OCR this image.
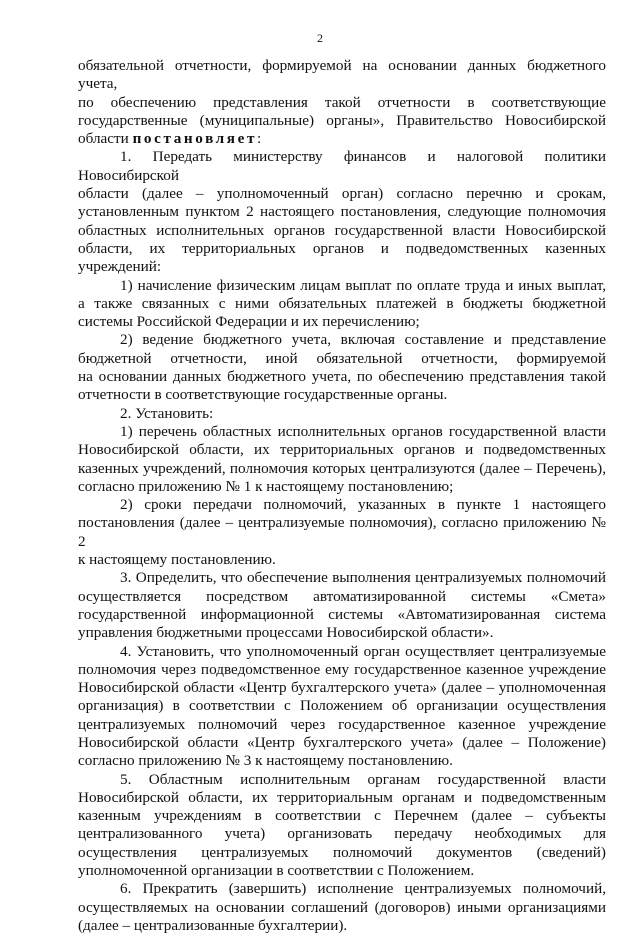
2

обязательной отчетности, формируемой на основании данных бюджетного учета,

по обеспечению представления такой отчетности в соответствующие

государственные (муниципальные) органы», Правительство Новосибирской

области постановляет:

1. Передать министерству финансов и налоговой политики Новосибирской

области (далее – уполномоченный орган) согласно перечню и срокам,

установленным пунктом 2 настоящего постановления, следующие полномочия

областных исполнительных органов государственной власти Новосибирской

области, их территориальных органов и подведомственных казенных учреждений:

1) начисление физическим лицам выплат по оплате труда и иных выплат,

а также связанных с ними обязательных платежей в бюджеты бюджетной

системы Российской Федерации и их перечислению;

2) ведение бюджетного учета, включая составление и представление

бюджетной отчетности, иной обязательной отчетности, формируемой

на основании данных бюджетного учета, по обеспечению представления такой

отчетности в соответствующие государственные органы.

2. Установить:

1) перечень областных исполнительных органов государственной власти

Новосибирской области, их территориальных органов и подведомственных

казенных учреждений, полномочия которых централизуются (далее – Перечень),

согласно приложению № 1 к настоящему постановлению;

2) сроки передачи полномочий, указанных в пункте 1 настоящего

постановления (далее – централизуемые полномочия), согласно приложению № 2

к настоящему постановлению.

3. Определить, что обеспечение выполнения централизуемых полномочий

осуществляется посредством автоматизированной системы «Смета»

государственной информационной системы «Автоматизированная система

управления бюджетными процессами Новосибирской области».

4. Установить, что уполномоченный орган осуществляет централизуемые

полномочия через подведомственное ему государственное казенное учреждение

Новосибирской области «Центр бухгалтерского учета» (далее – уполномоченная

организация) в соответствии с Положением об организации осуществления

централизуемых полномочий через государственное казенное учреждение

Новосибирской области «Центр бухгалтерского учета» (далее – Положение)

согласно приложению № 3 к настоящему постановлению.

5. Областным исполнительным органам государственной власти

Новосибирской области, их территориальным органам и подведомственным

казенным учреждениям в соответствии с Перечнем (далее – субъекты

централизованного учета) организовать передачу необходимых для

осуществления централизуемых полномочий документов (сведений)

уполномоченной организации в соответствии с Положением.

6. Прекратить (завершить) исполнение централизуемых полномочий,

осуществляемых на основании соглашений (договоров) иными организациями

(далее – централизованные бухгалтерии).
